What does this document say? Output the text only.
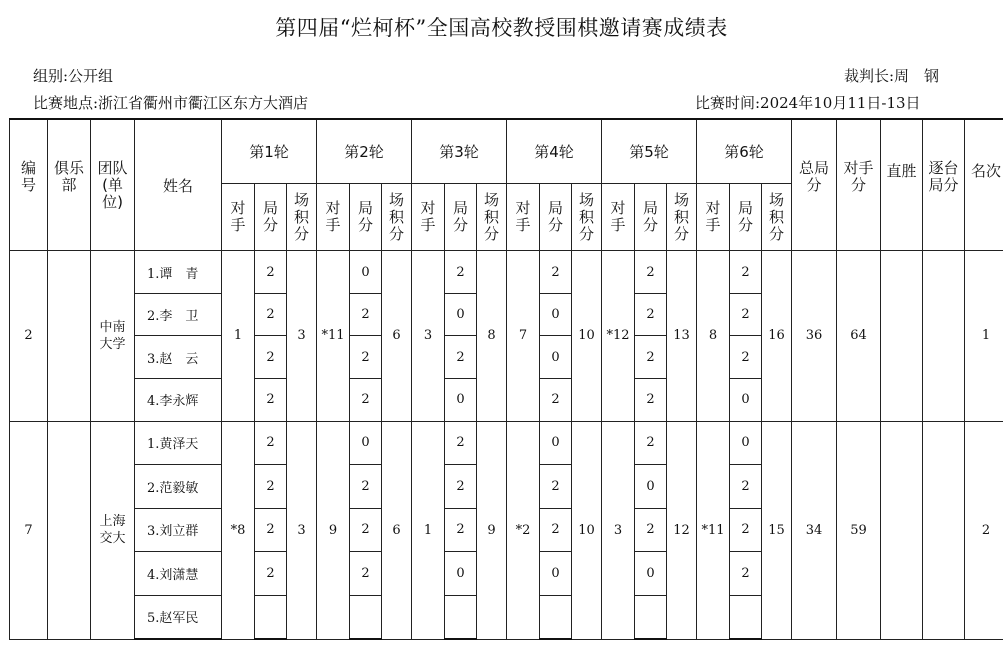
第四届“烂柯杯”全国高校教授围棋邀请赛成绩表
组别:公开组	裁判长:周　钢
比赛地点:浙江省衢州市衢江区东方大酒店	比赛时间:2024年10月11日-13日
编
号	俱乐
部	团队
(单
位)	姓名	第1轮			第2轮			第3轮			第4轮			第5轮			第6轮			总局
分	对手
分	直胜	逐台
局分	名次

				对
手	局
分	场
积
分	对
手	局
分	场
积
分	对
手	局
分	场
积
分	对
手	局
分	场
积
分	对
手	局
分	场
积
分	对
手	局
分	场
积
分					

2		中南
大学	1.谭　青	1	2	3	*11	0	6	3	2	8	7	2	10	*12	2	13	8	2	16	36	64			1
			2.李　卫		2			2			0			0			2			2						
			3.赵　云		2			2			2			0			2			2						
			4.李永辉		2			2			0			2			2			0						
7		上海
交大	1.黄泽天	*8	2	3	9	0	6	1	2	9	*2	0	10	3	2	12	*11	0	15	34	59			2
			2.范毅敏		2			2			2			2			0			2						
			3.刘立群		2			2			2			2			2			2						
			4.刘潇慧		2			2			0			0			0			2						
			5.赵军民																							
